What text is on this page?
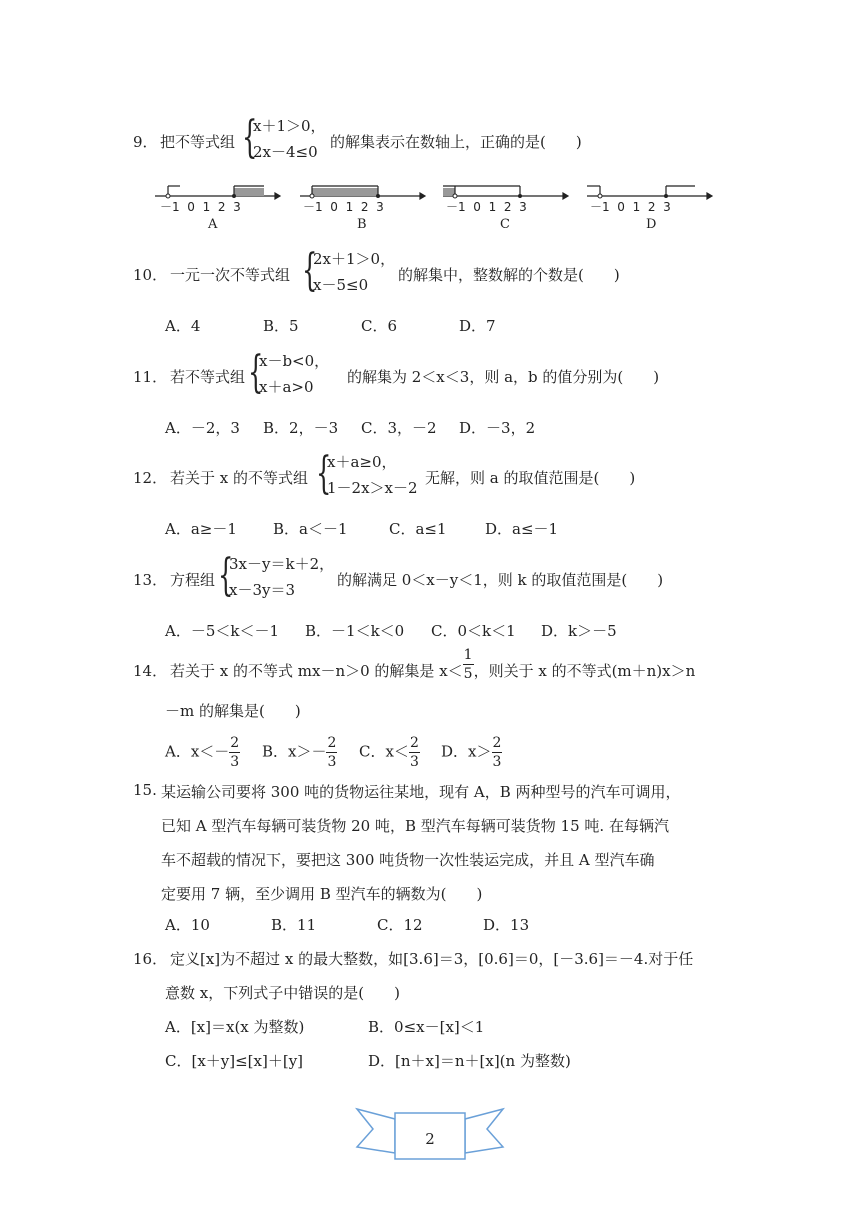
9． 把不等式组 {
x＋1＞0，
2x－4≤0
的解集表示在数轴上，正确的是(　　)
－1 0 1 2 3	－1 0 1 2 3	－1 0 1 2 3	－1 0 1 2 3
A	B	C	D
10． 一元一次不等式组 {
2x＋1＞0，
x－5≤0
的解集中，整数解的个数是(　　)
A．4	B．5	C．6	D．7
11． 若不等式组 {
x－b<0，
x＋a>0
的解集为 2＜x＜3，则 a，b 的值分别为(　　)
A．－2，3 B．2，－3 C．3，－2 D．－3，2
12． 若关于 x 的不等式组 {
x＋a≥0，
1－2x＞x－2
无解，则 a 的取值范围是(　　)
A．a≥－1 B．a＜－1	C．a≤1	D．a≤－1
13． 方程组 {
3x－y＝k＋2，
x－3y＝3
的解满足 0＜x－y＜1，则 k 的取值范围是(　　)
A．－5＜k＜－1 B．－1＜k＜0 C．0＜k＜1 D．k＞－5
14． 若关于 x 的不等式 mx－n＞0 的解集是 $x< \frac{1}{5}$ ，则关于 x 的不等式(m＋n)x＞n
－m 的解集是(　　)
A．$x<- \frac{2}{3}$ B．$x>- \frac{2}{3}$ C．$x< \frac{2}{3}$ D．$x> \frac{2}{3}$
15. 某运输公司要将 300 吨的货物运往某地，现有 A，B 两种型号的汽车可调用，
已知 A 型汽车每辆可装货物 20 吨，B 型汽车每辆可装货物 15 吨. 在每辆汽
车不超载的情况下，要把这 300 吨货物一次性装运完成，并且 A 型汽车确
定要用 7 辆，至少调用 B 型汽车的辆数为(　　)
A．10	B．11	C．12	D．13
16． 定义[x]为不超过 x 的最大整数，如[3.6]＝3，[0.6]＝0，[－3.6]＝－4.对于任
意数 x，下列式子中错误的是(　　)
A．[x]＝x(x 为整数)	B．0≤x－[x]＜1
C．[x＋y]≤[x]＋[y]	D．[n＋x]＝n＋[x](n 为整数)
2
